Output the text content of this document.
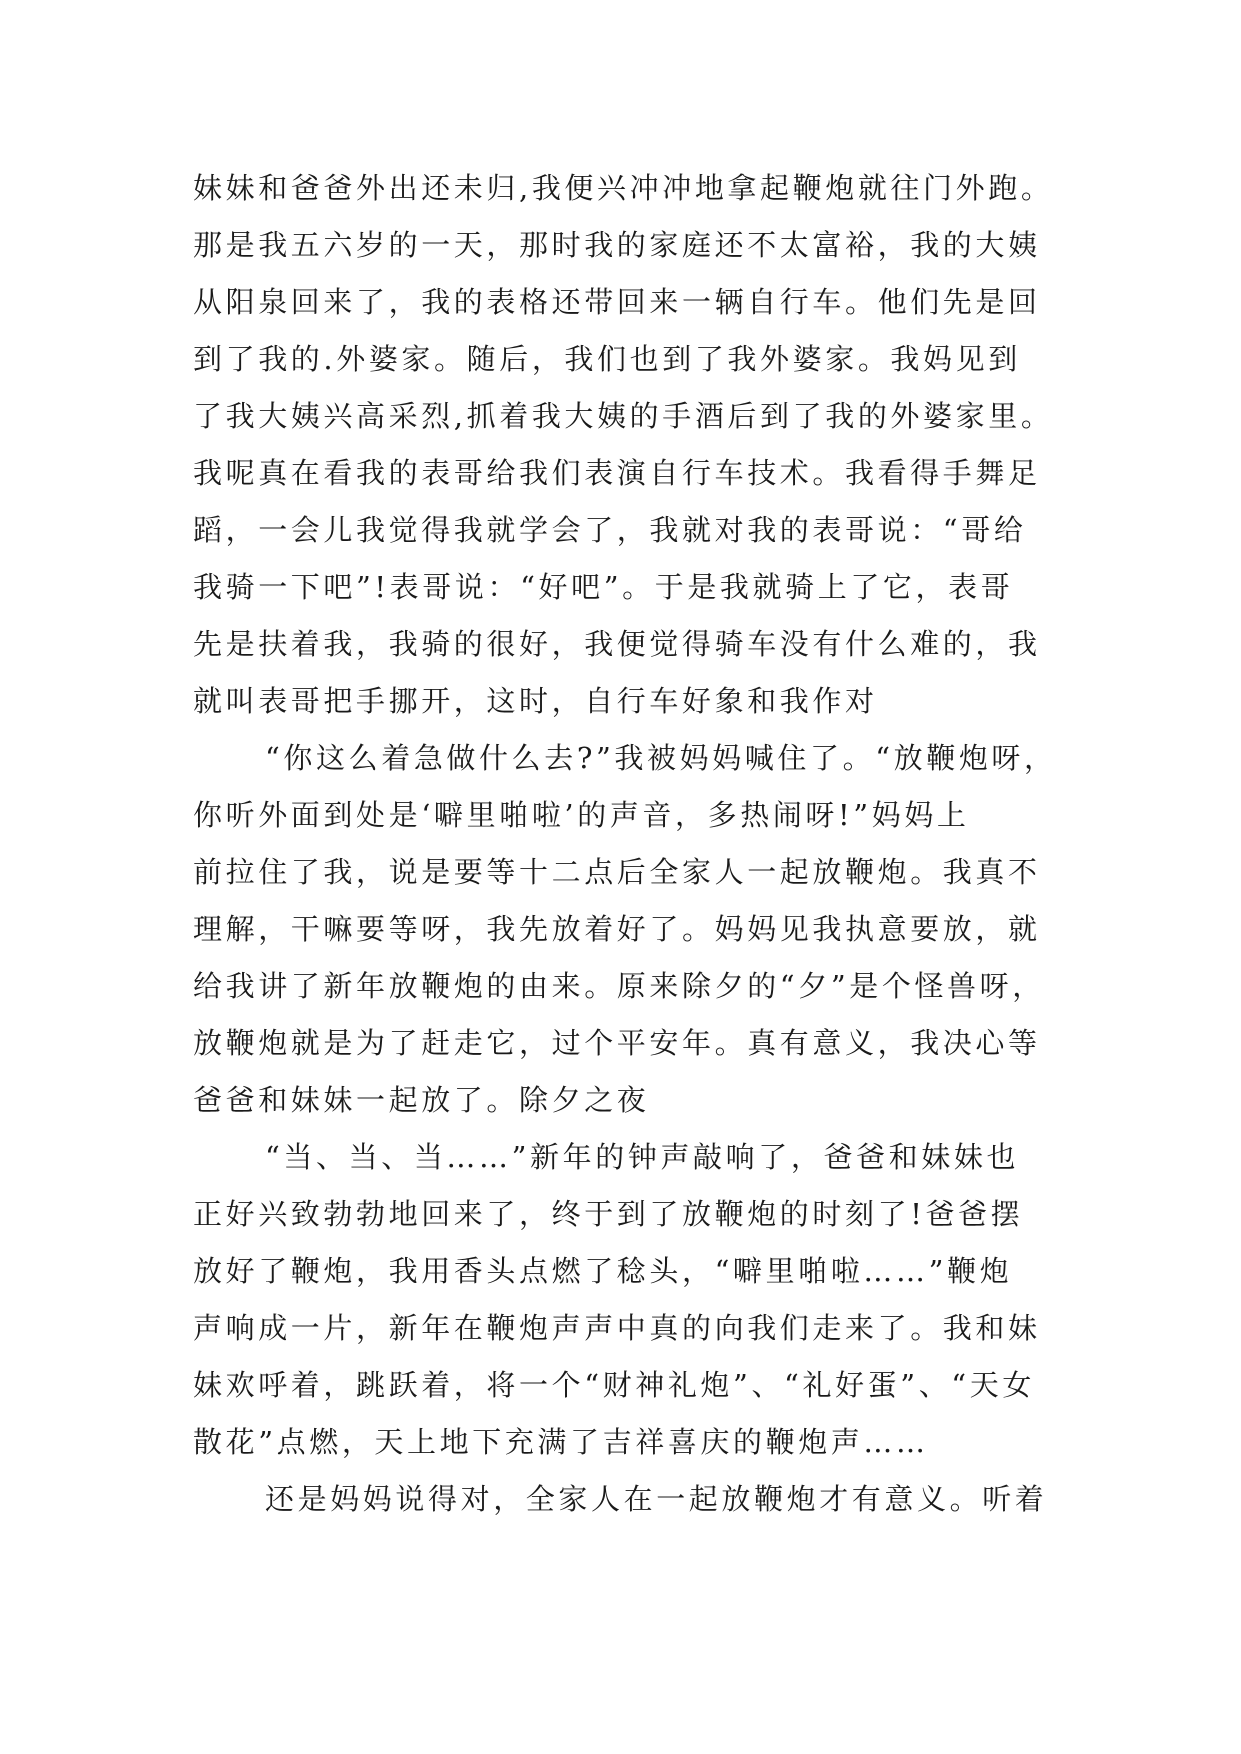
妹妹和爸爸外出还未归,我便兴冲冲地拿起鞭炮就往门外跑。
那是我五六岁的一天，那时我的家庭还不太富裕，我的大姨
从阳泉回来了，我的表格还带回来一辆自行车。他们先是回
到了我的.外婆家。随后，我们也到了我外婆家。我妈见到
了我大姨兴高采烈,抓着我大姨的手酒后到了我的外婆家里。
我呢真在看我的表哥给我们表演自行车技术。我看得手舞足
蹈，一会儿我觉得我就学会了，我就对我的表哥说：“哥给
我骑一下吧”!表哥说：“好吧”。于是我就骑上了它，表哥
先是扶着我，我骑的很好，我便觉得骑车没有什么难的，我
就叫表哥把手挪开，这时，自行车好象和我作对
“你这么着急做什么去?”我被妈妈喊住了。“放鞭炮呀，
你听外面到处是‘噼里啪啦’的声音，多热闹呀!”妈妈上
前拉住了我，说是要等十二点后全家人一起放鞭炮。我真不
理解，干嘛要等呀，我先放着好了。妈妈见我执意要放，就
给我讲了新年放鞭炮的由来。原来除夕的“夕”是个怪兽呀，
放鞭炮就是为了赶走它，过个平安年。真有意义，我决心等
爸爸和妹妹一起放了。除夕之夜
“当、当、当……”新年的钟声敲响了，爸爸和妹妹也
正好兴致勃勃地回来了，终于到了放鞭炮的时刻了!爸爸摆
放好了鞭炮，我用香头点燃了稔头，“噼里啪啦……”鞭炮
声响成一片，新年在鞭炮声声中真的向我们走来了。我和妹
妹欢呼着，跳跃着，将一个“财神礼炮”、“礼好蛋”、“天女
散花”点燃，天上地下充满了吉祥喜庆的鞭炮声……
还是妈妈说得对，全家人在一起放鞭炮才有意义。听着
